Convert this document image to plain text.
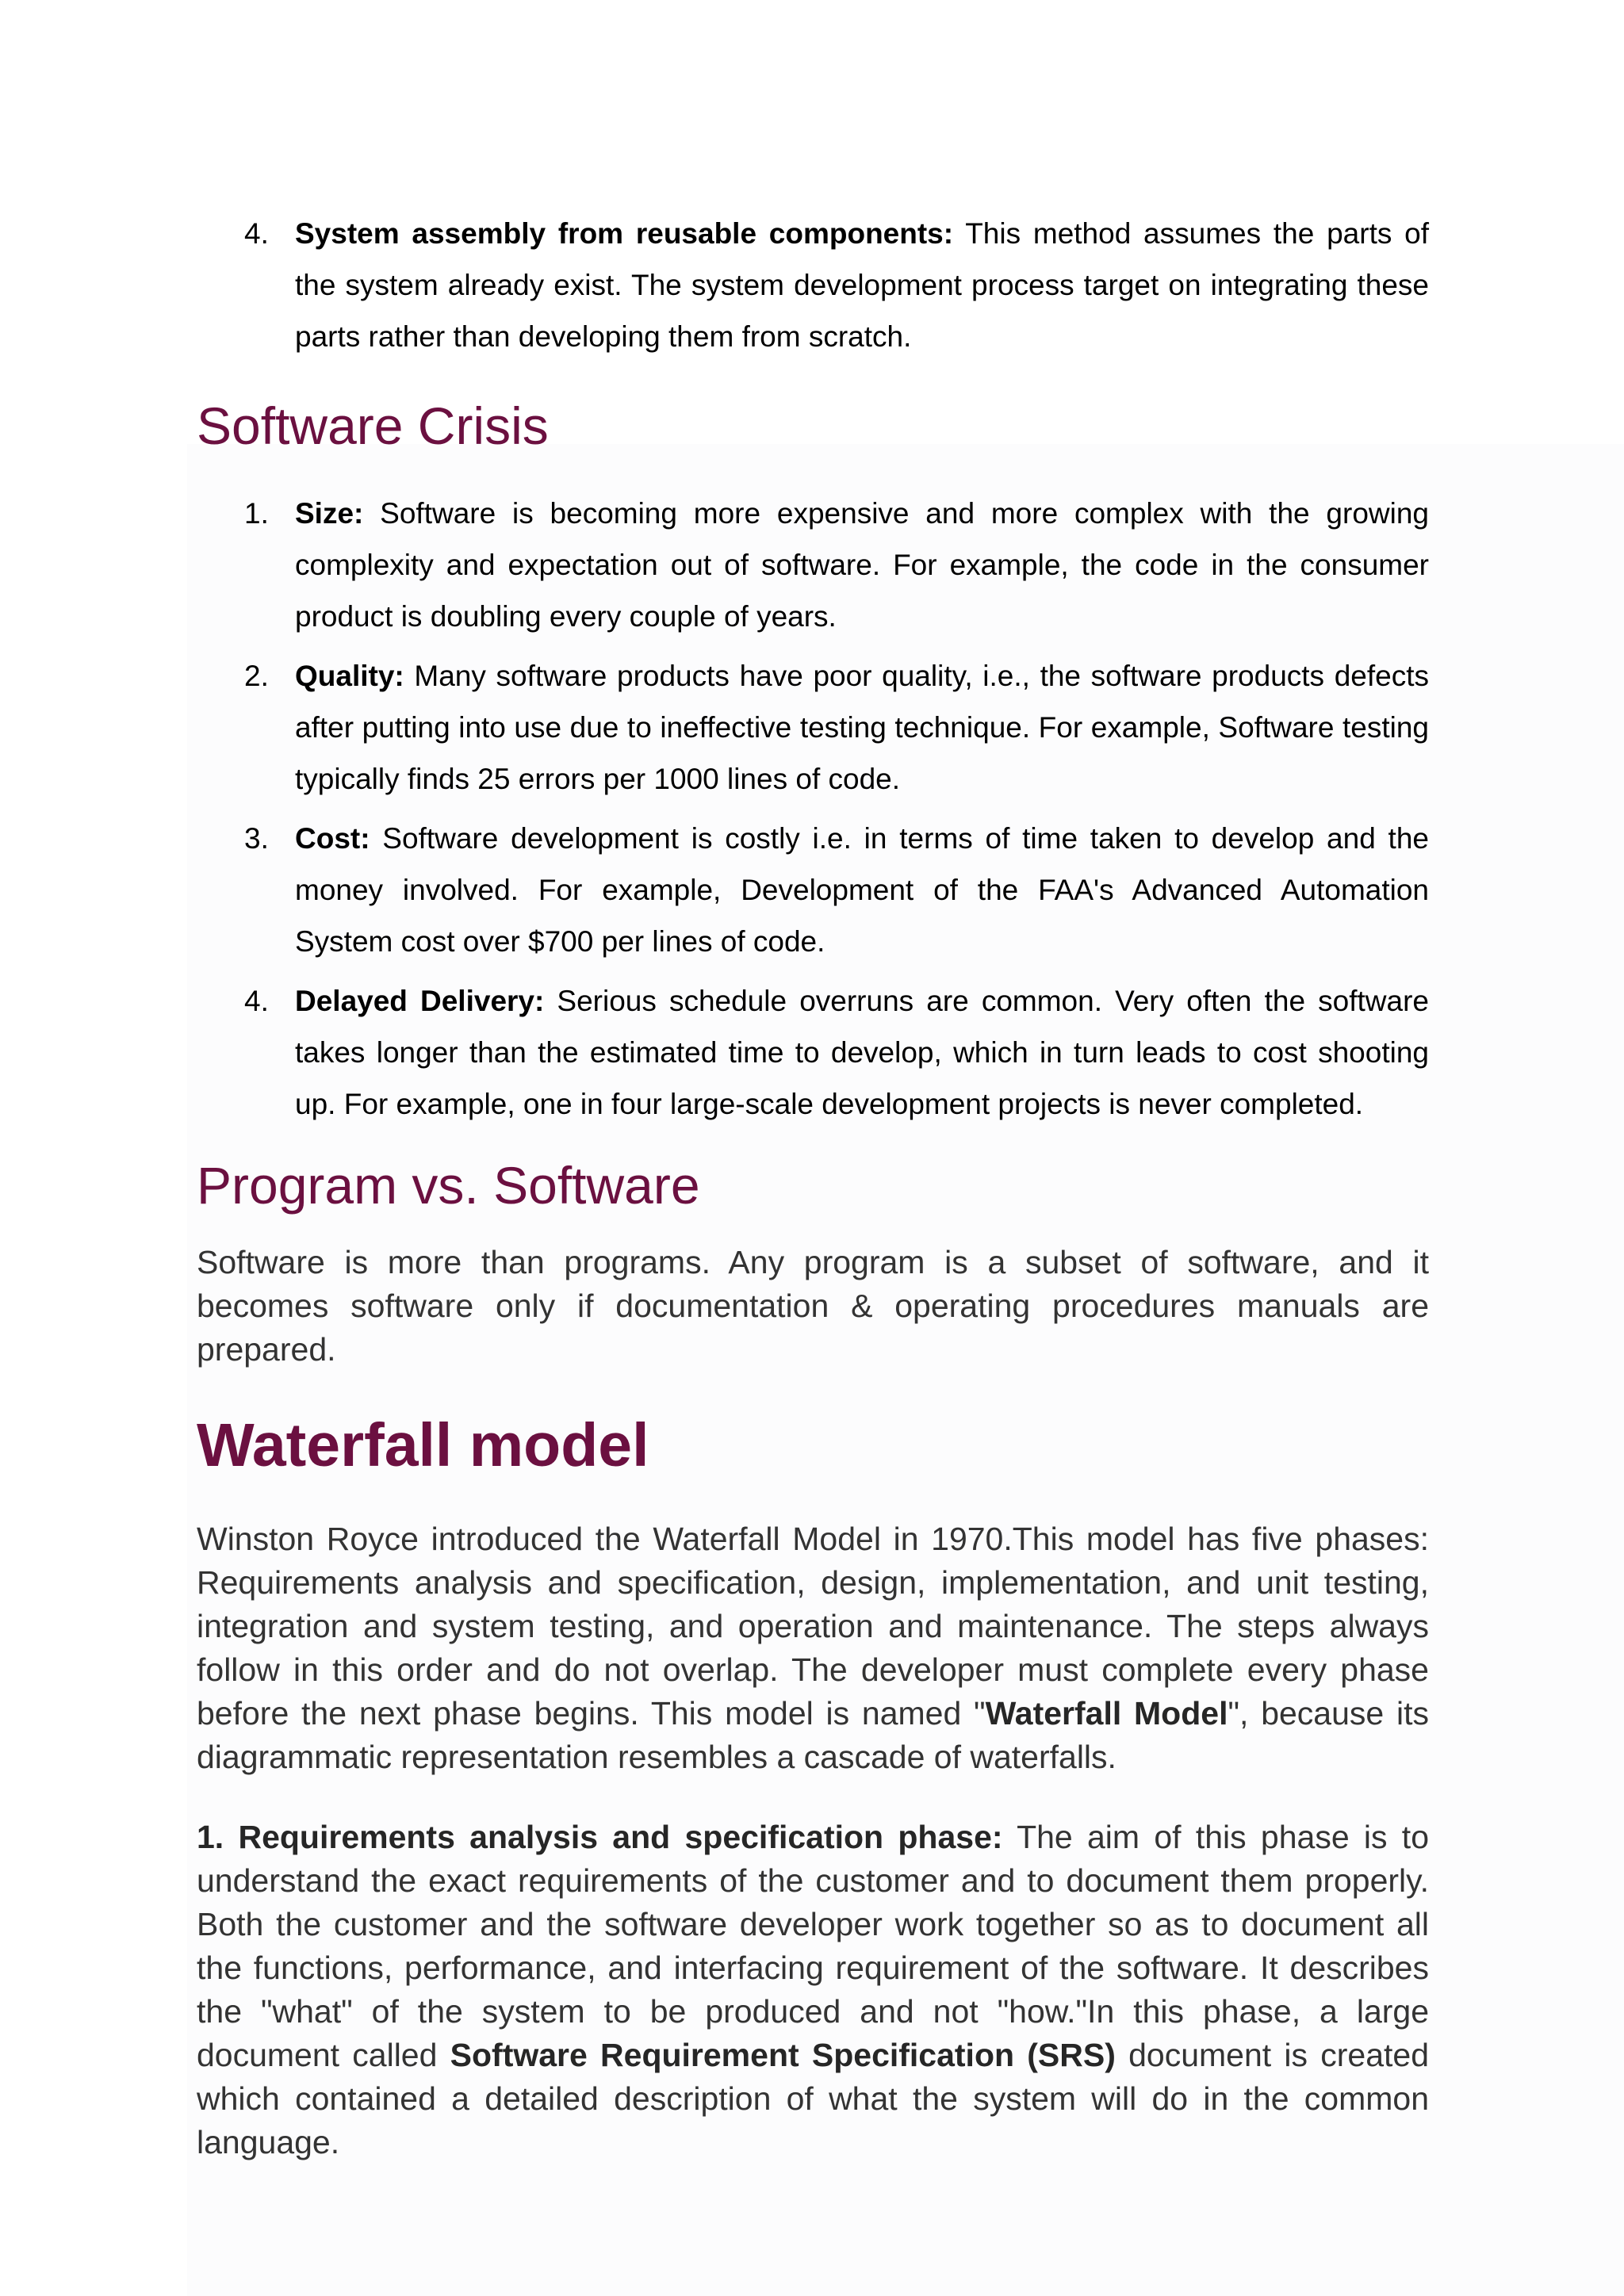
4. System assembly from reusable components: This method assumes the parts of the system already exist. The system development process target on integrating these parts rather than developing them from scratch.
Software Crisis
1. Size: Software is becoming more expensive and more complex with the growing complexity and expectation out of software. For example, the code in the consumer product is doubling every couple of years.
2. Quality: Many software products have poor quality, i.e., the software products defects after putting into use due to ineffective testing technique. For example, Software testing typically finds 25 errors per 1000 lines of code.
3. Cost: Software development is costly i.e. in terms of time taken to develop and the money involved. For example, Development of the FAA's Advanced Automation System cost over $700 per lines of code.
4. Delayed Delivery: Serious schedule overruns are common. Very often the software takes longer than the estimated time to develop, which in turn leads to cost shooting up. For example, one in four large-scale development projects is never completed.
Program vs. Software

Software is more than programs. Any program is a subset of software, and it becomes software only if documentation & operating procedures manuals are prepared.

Waterfall model

Winston Royce introduced the Waterfall Model in 1970.This model has five phases: Requirements analysis and specification, design, implementation, and unit testing, integration and system testing, and operation and maintenance. The steps always follow in this order and do not overlap. The developer must complete every phase before the next phase begins. This model is named "Waterfall Model", because its diagrammatic representation resembles a cascade of waterfalls.

1. Requirements analysis and specification phase: The aim of this phase is to understand the exact requirements of the customer and to document them properly. Both the customer and the software developer work together so as to document all the functions, performance, and interfacing requirement of the software. It describes the "what" of the system to be produced and not "how."In this phase, a large document called Software Requirement Specification (SRS) document is created which contained a detailed description of what the system will do in the common language.
